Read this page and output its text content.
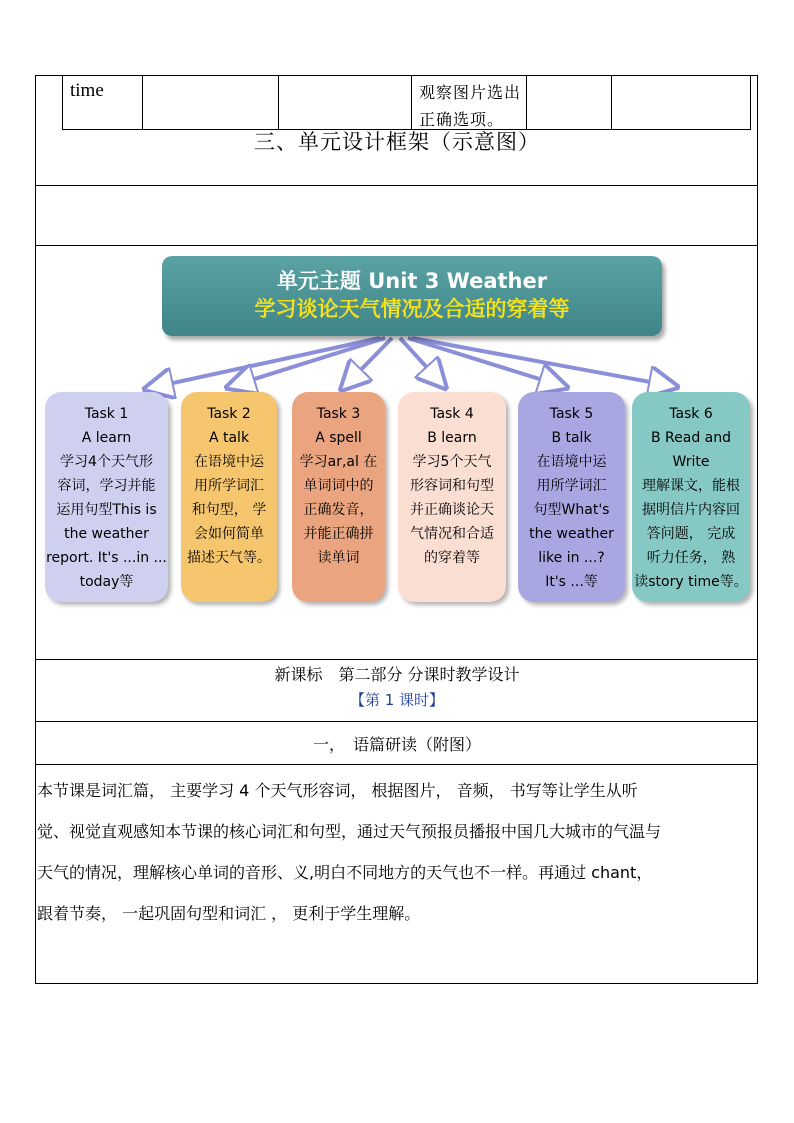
time	观察图片选出正确选项。
三、单元设计框架（示意图）
单元主题 Unit 3 Weather
学习谈论天气情况及合适的穿着等
Task 1
A learn
学习4个天气形
容词，学习并能
运用句型This is
the weather
report. It's ...in ...
today等
Task 2
A talk
在语境中运
用所学词汇
和句型， 学
会如何简单
描述天气等。
Task 3
A spell
学习ar,al 在
单词词中的
正确发音，
并能正确拼
读单词
Task 4
B learn
学习5个天气
形容词和句型
并正确谈论天
气情况和合适
的穿着等
Task 5
B talk
在语境中运
用所学词汇
句型What's
the weather
like in ...?
It's ...等
Task 6
B Read and
Write
理解课文，能根
据明信片内容回
答问题， 完成
听力任务， 熟
读story time等。
新课标　第二部分 分课时教学设计
【第 1 课时】
一，　语篇研读（附图）
本节课是词汇篇， 主要学习 4 个天气形容词， 根据图片， 音频， 书写等让学生从听
觉、视觉直观感知本节课的核心词汇和句型，通过天气预报员播报中国几大城市的气温与
天气的情况，理解核心单词的音形、义,明白不同地方的天气也不一样。再通过 chant，
跟着节奏， 一起巩固句型和词汇 ， 更利于学生理解。
